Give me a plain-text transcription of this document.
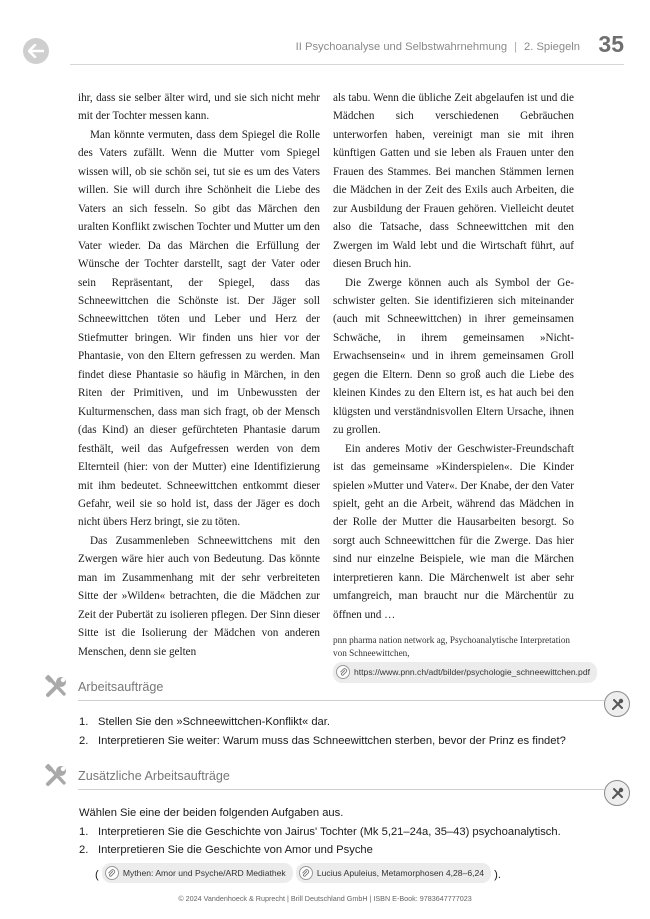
II Psychoanalyse und Selbstwahrnehmung | 2. Spiegeln 35

ihr, dass sie selber älter wird, und sie sich nicht mehr mit der Tochter messen kann.

Man könnte vermuten, dass dem Spiegel die Rolle des Vaters zufällt. Wenn die Mutter vom Spiegel wissen will, ob sie schön sei, tut sie es um des Vaters willen. Sie will durch ihre Schönheit die Liebe des Vaters an sich fesseln. So gibt das Märchen den uralten Konflikt zwischen Tochter und Mutter um den Vater wieder. Da das Märchen die Erfüllung der Wünsche der Tochter darstellt, sagt der Vater oder sein Repräsentant, der Spiegel, dass das Schneewittchen die Schönste ist. Der Jäger soll Schneewittchen töten und Leber und Herz der Stiefmutter bringen. Wir finden uns hier vor der Phantasie, von den Eltern gefressen zu werden. Man findet diese Phantasie so häufig in Märchen, in den Riten der Primitiven, und im Unbewussten der Kulturmenschen, dass man sich fragt, ob der Mensch (das Kind) an dieser gefürchteten Phantasie darum festhält, weil das Aufgefressen werden von dem Elternteil (hier: von der Mutter) eine Identifizierung mit ihm bedeutet. Schneewittchen entkommt dieser Gefahr, weil sie so hold ist, dass der Jäger es doch nicht übers Herz bringt, sie zu töten.

Das Zusammenleben Schneewittchens mit den Zwergen wäre hier auch von Bedeutung. Das könnte man im Zusammenhang mit der sehr verbreiteten Sitte der »Wilden« betrachten, die die Mädchen zur Zeit der Pubertät zu isolieren pflegen. Der Sinn dieser Sitte ist die Isolierung der Mädchen von anderen Menschen, denn sie gelten

als tabu. Wenn die übliche Zeit abgelaufen ist und die Mädchen sich verschiedenen Gebräuchen unterworfen haben, vereinigt man sie mit ihren künftigen Gatten und sie leben als Frauen unter den Frauen des Stammes. Bei manchen Stämmen lernen die Mädchen in der Zeit des Exils auch Arbeiten, die zur Ausbildung der Frauen gehören. Vielleicht deutet also die Tatsache, dass Schneewittchen mit den Zwergen im Wald lebt und die Wirtschaft führt, auf diesen Bruch hin.

Die Zwerge können auch als Symbol der Geschwister gelten. Sie identifizieren sich miteinander (auch mit Schneewittchen) in ihrer gemeinsamen Schwäche, in ihrem gemeinsamen »Nicht-Erwachsensein« und in ihrem gemeinsamen Groll gegen die Eltern. Denn so groß auch die Liebe des kleinen Kindes zu den Eltern ist, es hat auch bei den klügsten und verständnisvollen Eltern Ursache, ihnen zu grollen.

Ein anderes Motiv der Geschwister-Freundschaft ist das gemeinsame »Kinderspielen«. Die Kinder spielen »Mutter und Vater«. Der Knabe, der den Vater spielt, geht an die Arbeit, während das Mädchen in der Rolle der Mutter die Hausarbeiten besorgt. So sorgt auch Schneewittchen für die Zwerge. Das hier sind nur einzelne Beispiele, wie man die Märchen interpretieren kann. Die Märchenwelt ist aber sehr umfangreich, man braucht nur die Märchentür zu öffnen und …

pnn pharma nation network ag, Psychoanalytische Interpretation von Schneewittchen,

https://www.pnn.ch/adt/bilder/psychologie_schneewittchen.pdf
Arbeitsaufträge
1. Stellen Sie den »Schneewittchen-Konflikt« dar.
2. Interpretieren Sie weiter: Warum muss das Schneewittchen sterben, bevor der Prinz es findet?
Zusätzliche Arbeitsaufträge
Wählen Sie eine der beiden folgenden Aufgaben aus.
1. Interpretieren Sie die Geschichte von Jairus' Tochter (Mk 5,21–24a, 35–43) psychoanalytisch.
2. Interpretieren Sie die Geschichte von Amor und Psyche
(	Mythen: Amor und Psyche/ARD Mediathek
	Lucius Apuleius, Metamorphosen 4,28–6,24 ).
© 2024 Vandenhoeck & Ruprecht | Brill Deutschland GmbH | ISBN E-Book: 9783647777023
